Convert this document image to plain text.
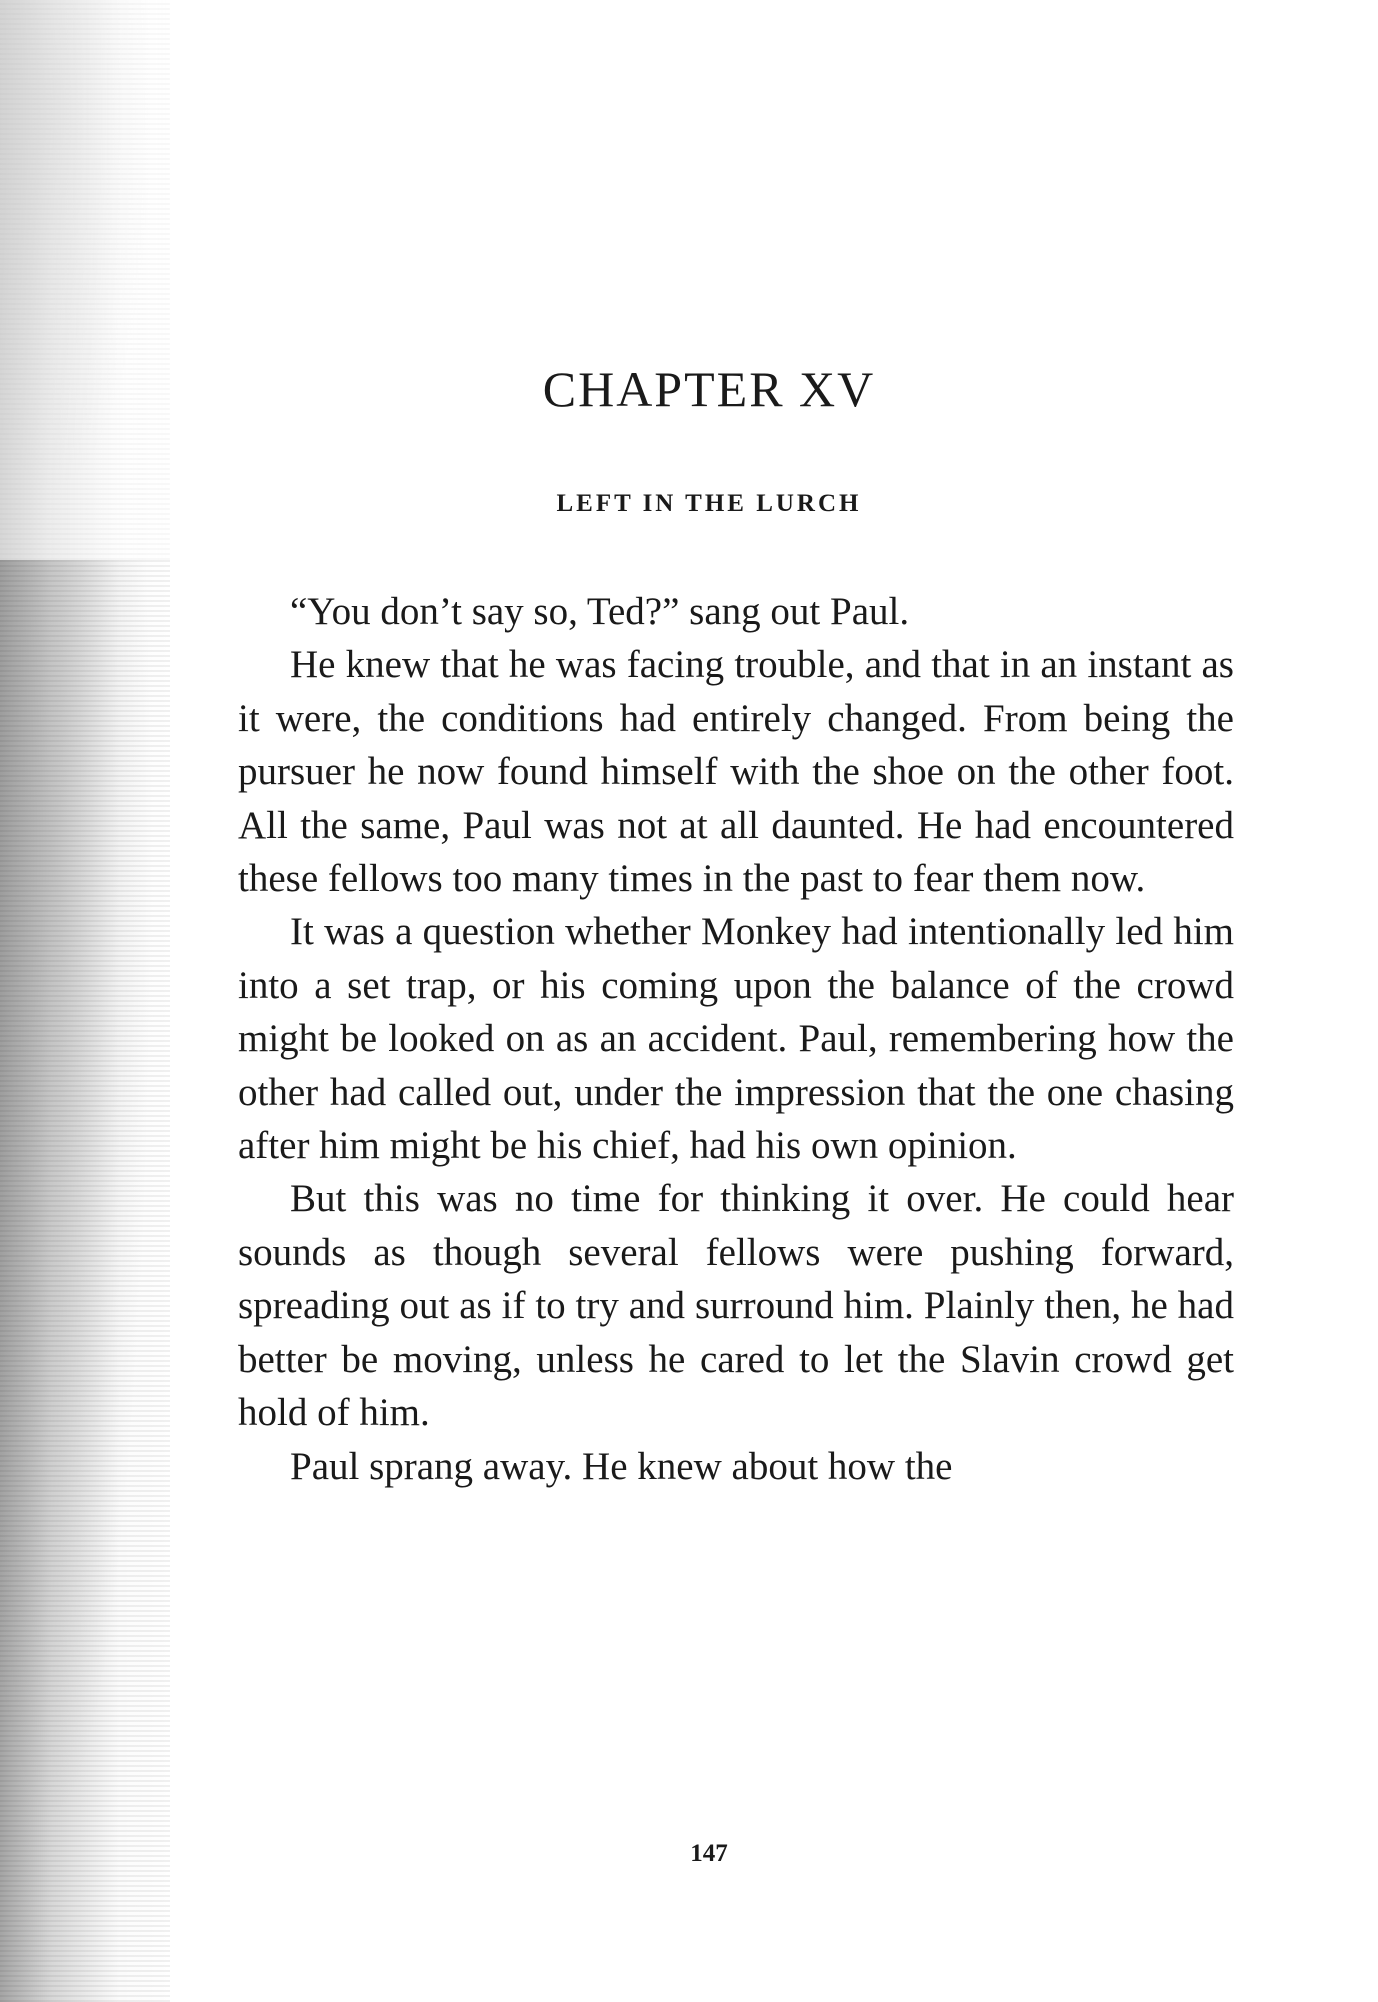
CHAPTER XV
LEFT IN THE LURCH

“You don’t say so, Ted?” sang out Paul.

He knew that he was facing trouble, and that in an instant as it were, the conditions had entirely changed. From being the pursuer he now found himself with the shoe on the other foot. All the same, Paul was not at all daunted. He had encountered these fellows too many times in the past to fear them now.

It was a question whether Monkey had intentionally led him into a set trap, or his coming upon the balance of the crowd might be looked on as an accident. Paul, remembering how the other had called out, under the impression that the one chasing after him might be his chief, had his own opinion.

But this was no time for thinking it over. He could hear sounds as though several fellows were pushing forward, spreading out as if to try and surround him. Plainly then, he had better be moving, unless he cared to let the Slavin crowd get hold of him.

Paul sprang away. He knew about how the

147
